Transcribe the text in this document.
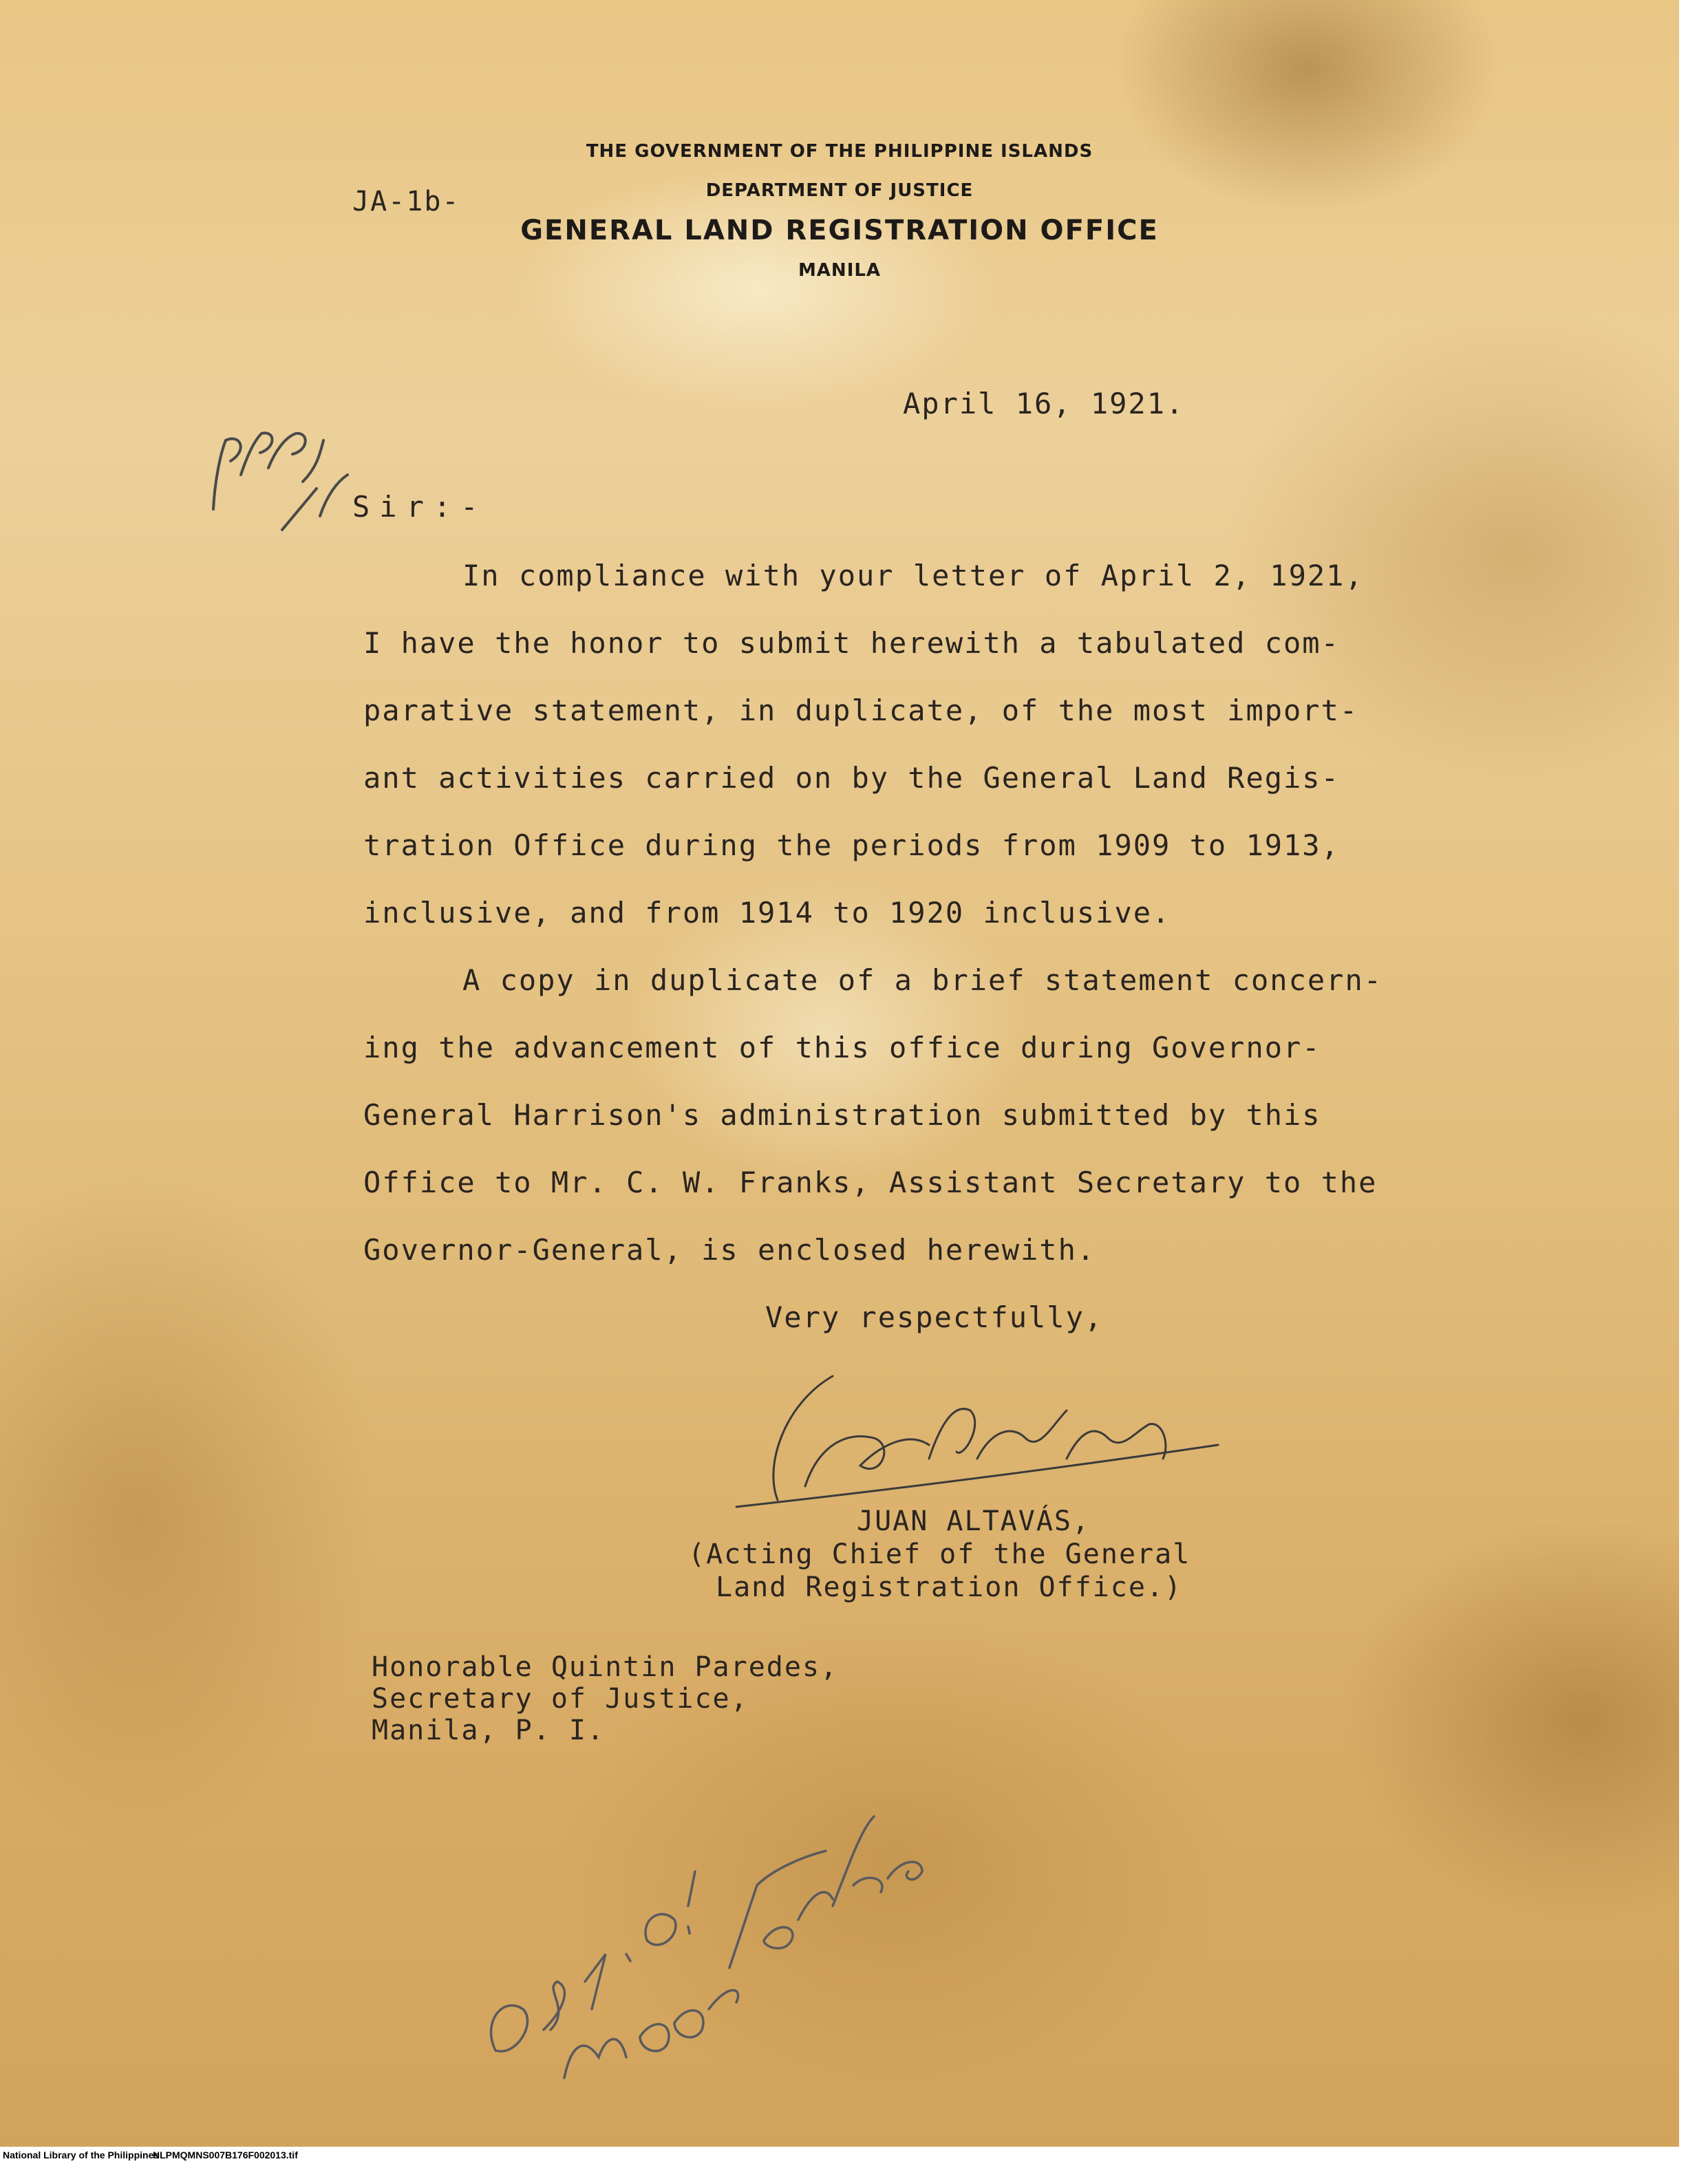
THE GOVERNMENT OF THE PHILIPPINE ISLANDS
DEPARTMENT OF JUSTICE
GENERAL LAND REGISTRATION OFFICE
MANILA
JA-1b-
April 16, 1921.
Sir:-
In compliance with your letter of April 2, 1921,
I have the honor to submit herewith a tabulated com-
parative statement, in duplicate, of the most import-
ant activities carried on by the General Land Regis-
tration Office during the periods from 1909 to 1913,
inclusive, and from 1914 to 1920 inclusive.
A copy in duplicate of a brief statement concern-
ing the advancement of this office during Governor-
General Harrison's administration submitted by this
Office to Mr. C. W. Franks, Assistant Secretary to the
Governor-General, is enclosed herewith.
Very respectfully,
JUAN ALTAVÁS,
(Acting Chief of the General
Land Registration Office.)
Honorable Quintin Paredes,
Secretary of Justice,
Manila, P. I.
National Library of the Philippines
NLPMQMNS007B176F002013.tif
